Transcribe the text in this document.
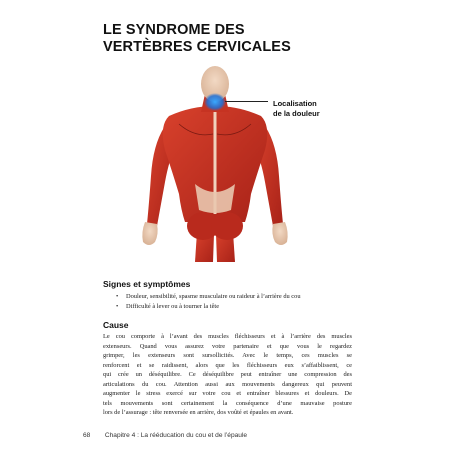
LE SYNDROME DES
VERTÈBRES CERVICALES
Localisation
de la douleur
Signes et symptômes
• Douleur, sensibilité, spasme musculaire ou raideur à l’arrière du cou
• Difficulté à lever ou à tourner la tête
Cause
Le cou comporte à l’avant des muscles fléchisseurs et à l’arrière des muscles
extenseurs. Quand vous assurez votre partenaire et que vous le regardez
grimper, les extenseurs sont sursollicités. Avec le temps, ces muscles se
renforcent et se raidissent, alors que les fléchisseurs eux s’affaiblissent, ce
qui crée un déséquilibre. Ce déséquilibre peut entraîner une compression des
articulations du cou. Attention aussi aux mouvements dangereux qui peuvent
augmenter le stress exercé sur votre cou et entraîner blessures et douleurs. De
tels mouvements sont certainement la conséquence d’une mauvaise posture
lors de l’assurage : tête renversée en arrière, dos voûté et épaules en avant.
68 Chapitre 4 : La rééducation du cou et de l’épaule
